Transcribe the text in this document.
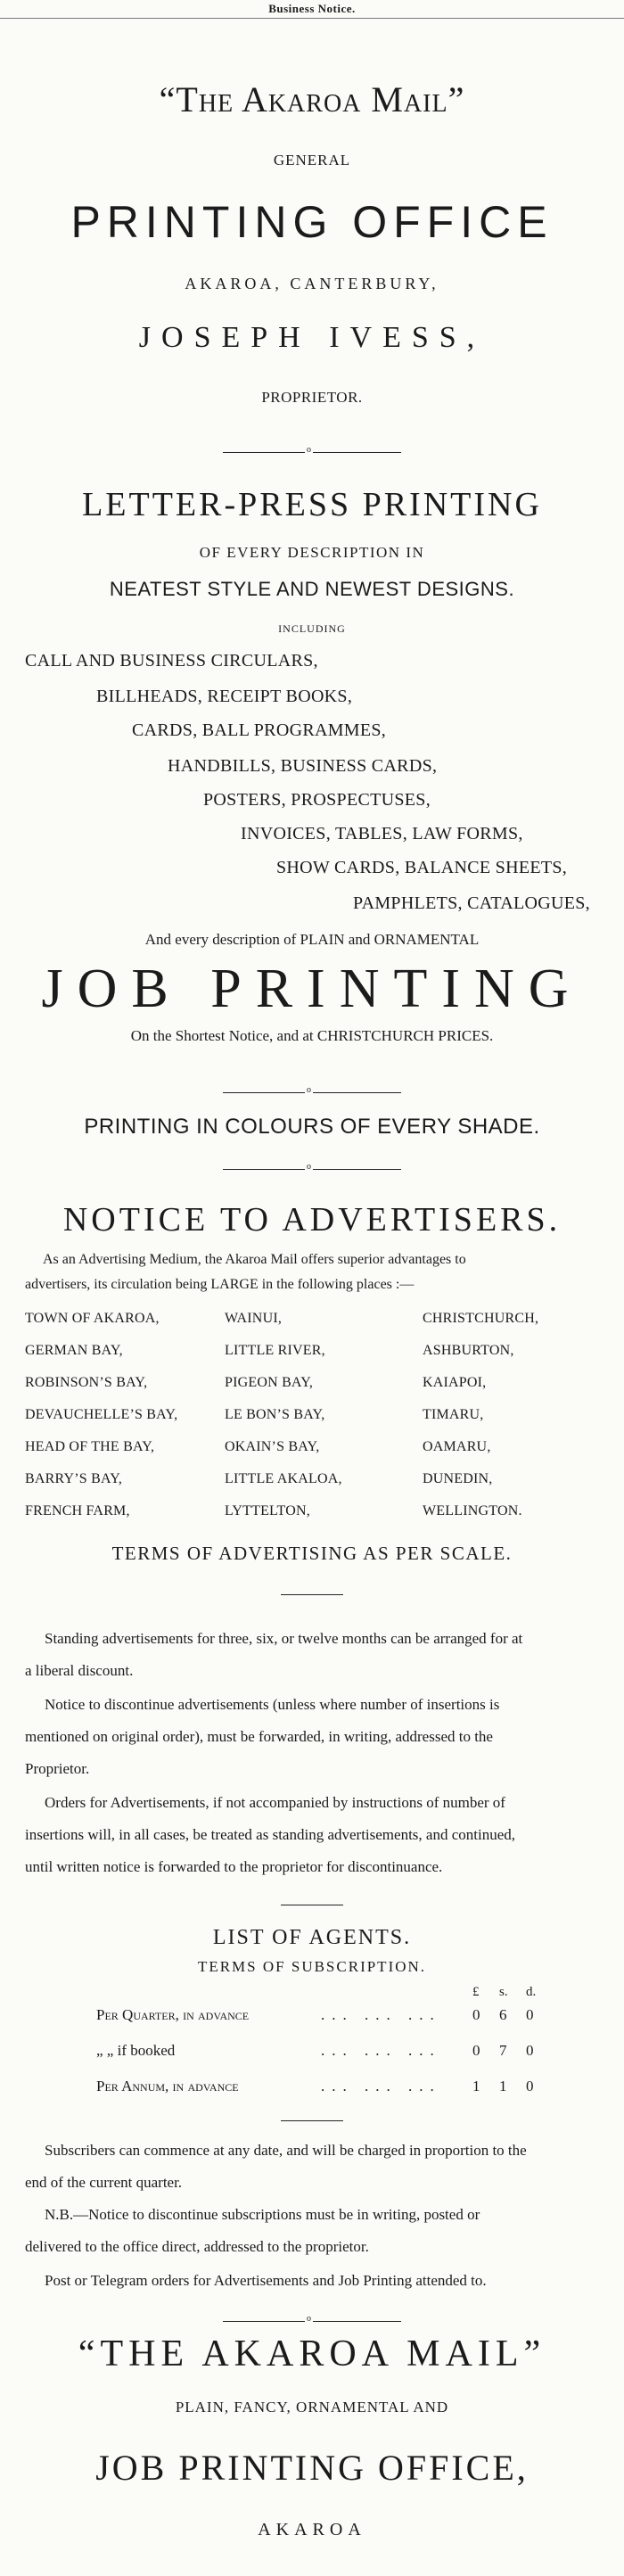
Business Notice.
“The Akaroa Mail”
GENERAL
PRINTING OFFICE
AKAROA, CANTERBURY,
JOSEPH IVESS,
PROPRIETOR.
o
LETTER-PRESS PRINTING
OF EVERY DESCRIPTION IN
NEATEST STYLE AND NEWEST DESIGNS.
INCLUDING
CALL AND BUSINESS CIRCULARS,
BILLHEADS, RECEIPT BOOKS,
CARDS, BALL PROGRAMMES,
HANDBILLS, BUSINESS CARDS,
POSTERS, PROSPECTUSES,
INVOICES, TABLES, LAW FORMS,
SHOW CARDS, BALANCE SHEETS,
PAMPHLETS, CATALOGUES,
And every description of PLAIN and ORNAMENTAL
JOB PRINTING
On the Shortest Notice, and at CHRISTCHURCH PRICES.
o
PRINTING IN COLOURS OF EVERY SHADE.
o
NOTICE TO ADVERTISERS.
As an Advertising Medium, the Akaroa Mail offers superior advantages to
advertisers, its circulation being LARGE in the following places :—
TOWN OF AKAROA,	WAINUI,	CHRISTCHURCH,
GERMAN BAY,	LITTLE RIVER,	ASHBURTON,
ROBINSON’S BAY,	PIGEON BAY,	KAIAPOI,
DEVAUCHELLE’S BAY,	LE BON’S BAY,	TIMARU,
HEAD OF THE BAY,	OKAIN’S BAY,	OAMARU,
BARRY’S BAY,	LITTLE AKALOA,	DUNEDIN,
FRENCH FARM,	LYTTELTON,	WELLINGTON.
TERMS OF ADVERTISING AS PER SCALE.
Standing advertisements for three, six, or twelve months can be arranged for at
a liberal discount.
Notice to discontinue advertisements (unless where number of insertions is
mentioned on original order), must be forwarded, in writing, addressed to the
Proprietor.
Orders for Advertisements, if not accompanied by instructions of number of
insertions will, in all cases, be treated as standing advertisements, and continued,
until written notice is forwarded to the proprietor for discontinuance.
LIST OF AGENTS.
TERMS OF SUBSCRIPTION.
£ s. d.
Per Quarter, in advance	... ... ... 0 6 0
„ „ if booked	... ... ... 0 7 0
Per Annum, in advance	... ... ... 1 1 0
Subscribers can commence at any date, and will be charged in proportion to the
end of the current quarter.
N.B.—Notice to discontinue subscriptions must be in writing, posted or
delivered to the office direct, addressed to the proprietor.
Post or Telegram orders for Advertisements and Job Printing attended to.
o
“THE AKAROA MAIL”
PLAIN, FANCY, ORNAMENTAL AND
JOB PRINTING OFFICE,
AKAROA
